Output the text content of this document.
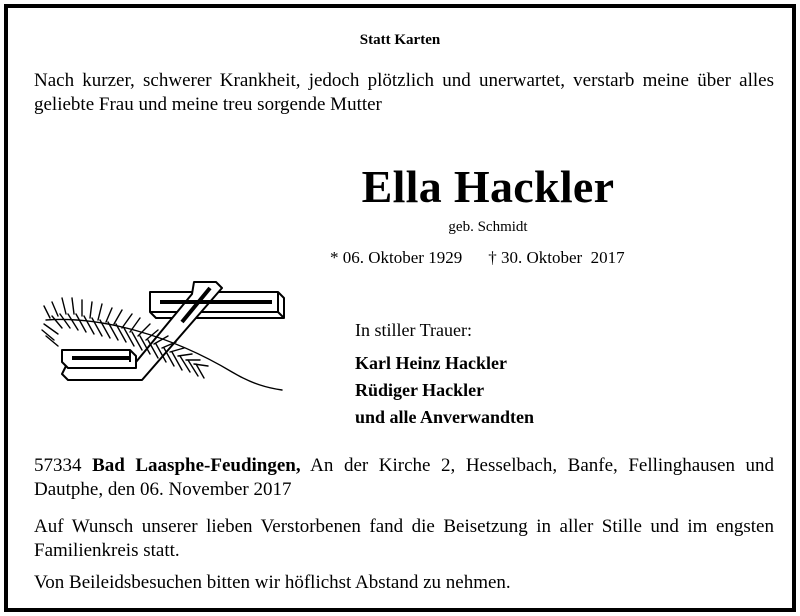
Statt Karten
Nach kurzer, schwerer Krankheit, jedoch plötzlich und unerwartet, verstarb meine über alles geliebte Frau und meine treu sorgende Mutter
Ella Hackler
geb. Schmidt
* 06. Oktober 1929 † 30. Oktober  2017
In stiller Trauer:
Karl Heinz Hackler
Rüdiger Hackler
und alle Anverwandten
57334 Bad Laasphe-Feudingen, An der Kirche 2, Hesselbach, Banfe, Fellinghausen und Dautphe, den 06. November 2017
Auf Wunsch unserer lieben Verstorbenen fand die Beisetzung in aller Stille und im engsten Familienkreis statt.
Von Beileidsbesuchen bitten wir höflichst Abstand zu nehmen.
